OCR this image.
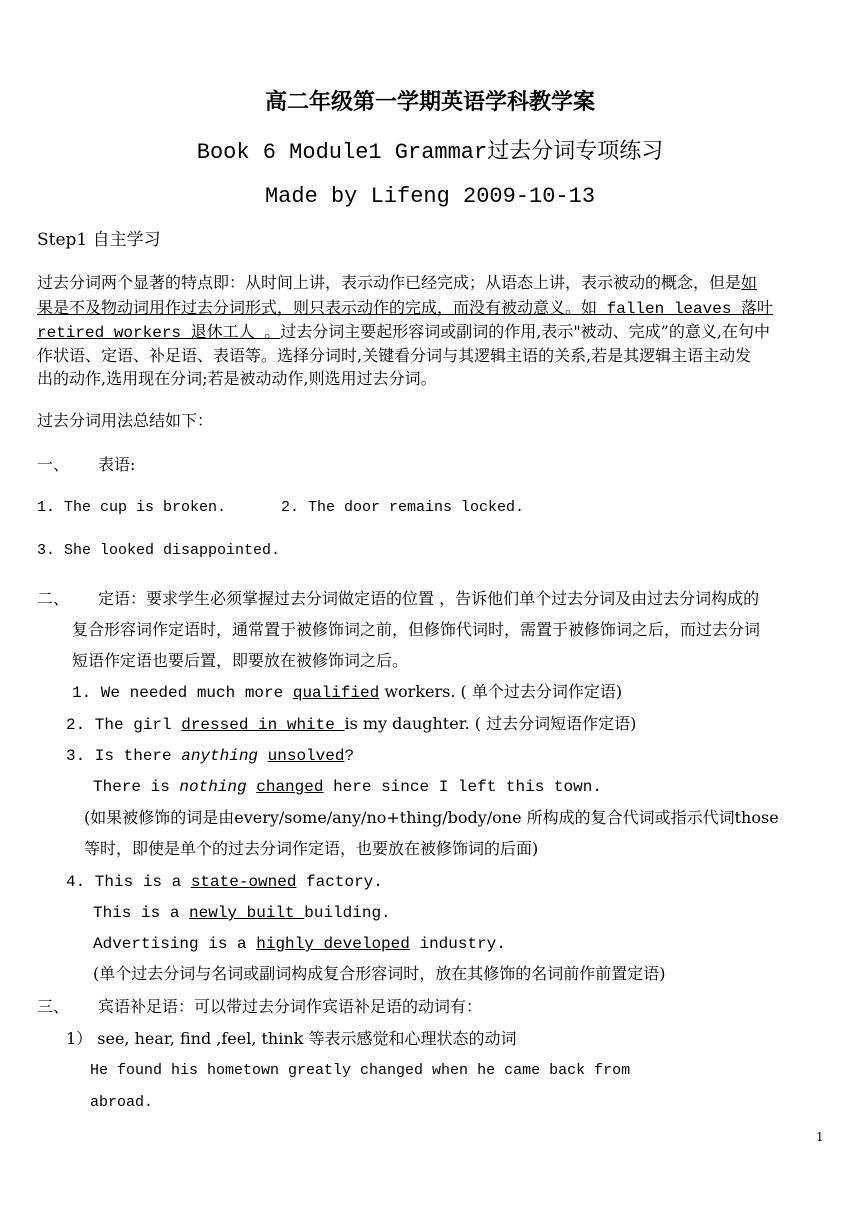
高二年级第一学期英语学科教学案
Book 6 Module1 Grammar过去分词专项练习
Made by Lifeng 2009-10-13
Step1 自主学习
过去分词两个显著的特点即：从时间上讲，表示动作已经完成；从语态上讲，表示被动的概念，但是如
果是不及物动词用作过去分词形式，则只表示动作的完成，而没有被动意义。如 fallen leaves 落叶
retired workers 退休工人 。过去分词主要起形容词或副词的作用,表示"被动、完成”的意义,在句中
作状语、定语、补足语、表语等。选择分词时,关键看分词与其逻辑主语的关系,若是其逻辑主语主动发
出的动作,选用现在分词;若是被动动作,则选用过去分词。
过去分词用法总结如下：
一、 表语:
1. The cup is broken.	2. The door remains locked.
3. She looked disappointed.
二、 定语：要求学生必须掌握过去分词做定语的位置 ，告诉他们单个过去分词及由过去分词构成的
复合形容词作定语时，通常置于被修饰词之前，但修饰代词时，需置于被修饰词之后，而过去分词
短语作定语也要后置，即要放在被修饰词之后。
1. We needed much more qualified workers. ( 单个过去分词作定语)
2. The girl dressed in white is my daughter. ( 过去分词短语作定语)
3. Is there anything unsolved?
There is nothing changed here since I left this town.
(如果被修饰的词是由every/some/any/no+thing/body/one 所构成的复合代词或指示代词those
等时，即使是单个的过去分词作定语，也要放在被修饰词的后面)
4. This is a state-owned factory.
This is a newly built building.
Advertising is a highly developed industry.
(单个过去分词与名词或副词构成复合形容词时，放在其修饰的名词前作前置定语)
三、 宾语补足语：可以带过去分词作宾语补足语的动词有：
1） see, hear, find ,feel, think 等表示感觉和心理状态的动词
He found his hometown greatly changed when he came back from
abroad.
1
